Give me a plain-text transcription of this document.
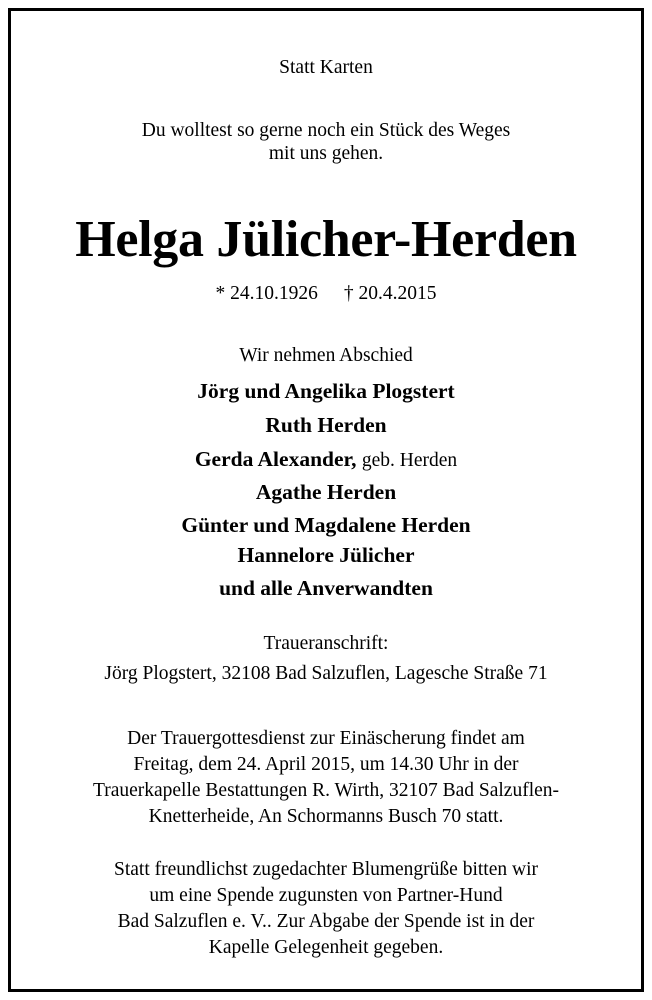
Statt Karten
Du wolltest so gerne noch ein Stück des Weges
mit uns gehen.
Helga Jülicher-Herden
* 24.10.1926 † 20.4.2015
Wir nehmen Abschied
Jörg und Angelika Plogstert
Ruth Herden
Gerda Alexander, geb. Herden
Agathe Herden
Günter und Magdalene Herden
Hannelore Jülicher
und alle Anverwandten
Traueranschrift:
Jörg Plogstert, 32108 Bad Salzuflen, Lagesche Straße 71
Der Trauergottesdienst zur Einäscherung findet am
Freitag, dem 24. April 2015, um 14.30 Uhr in der
Trauerkapelle Bestattungen R. Wirth, 32107 Bad Salzuflen-
Knetterheide, An Schormanns Busch 70 statt.
Statt freundlichst zugedachter Blumengrüße bitten wir
um eine Spende zugunsten von Partner-Hund
Bad Salzuflen e. V.. Zur Abgabe der Spende ist in der
Kapelle Gelegenheit gegeben.
